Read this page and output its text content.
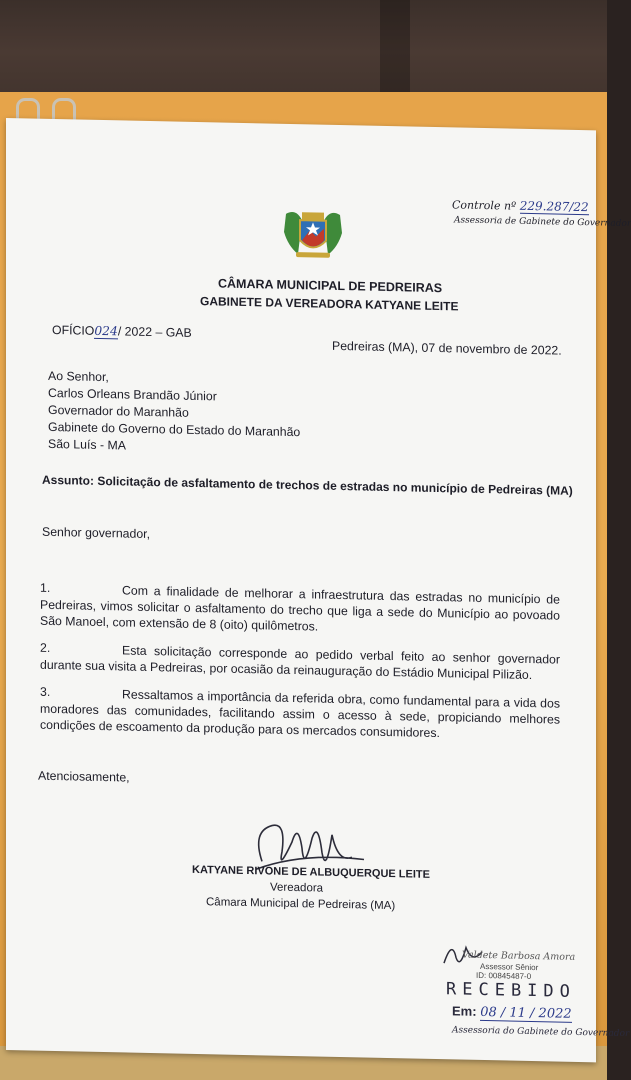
Controle nº 229.287/22
Assessoria de Gabinete do Governador
CÂMARA MUNICIPAL DE PEDREIRAS
GABINETE DA VEREADORA KATYANE LEITE
OFÍCIO024/ 2022 – GAB
Pedreiras (MA), 07 de novembro de 2022.
Ao Senhor,
Carlos Orleans Brandão Júnior
Governador do Maranhão
Gabinete do Governo do Estado do Maranhão
São Luís - MA
Assunto: Solicitação de asfaltamento de trechos de estradas no município de Pedreiras (MA)
Senhor governador,
1.	Com a finalidade de melhorar a infraestrutura das estradas no município de Pedreiras, vimos solicitar o asfaltamento do trecho que liga a sede do Município ao povoado São Manoel, com extensão de 8 (oito) quilômetros.
2.	Esta solicitação corresponde ao pedido verbal feito ao senhor governador durante sua visita a Pedreiras, por ocasião da reinauguração do Estádio Municipal Pilizão.
3.	Ressaltamos a importância da referida obra, como fundamental para a vida dos moradores das comunidades, facilitando assim o acesso à sede, propiciando melhores condições de escoamento da produção para os mercados consumidores.
Atenciosamente,
KATYANE RIVONE DE ALBUQUERQUE LEITE
Vereadora
Câmara Municipal de Pedreiras (MA)
Valdete Barbosa Amora
Assessor Sênior
ID: 00845487-0
RECEBIDO
Em: 08 / 11 / 2022
Assessoria do Gabinete do Governador
